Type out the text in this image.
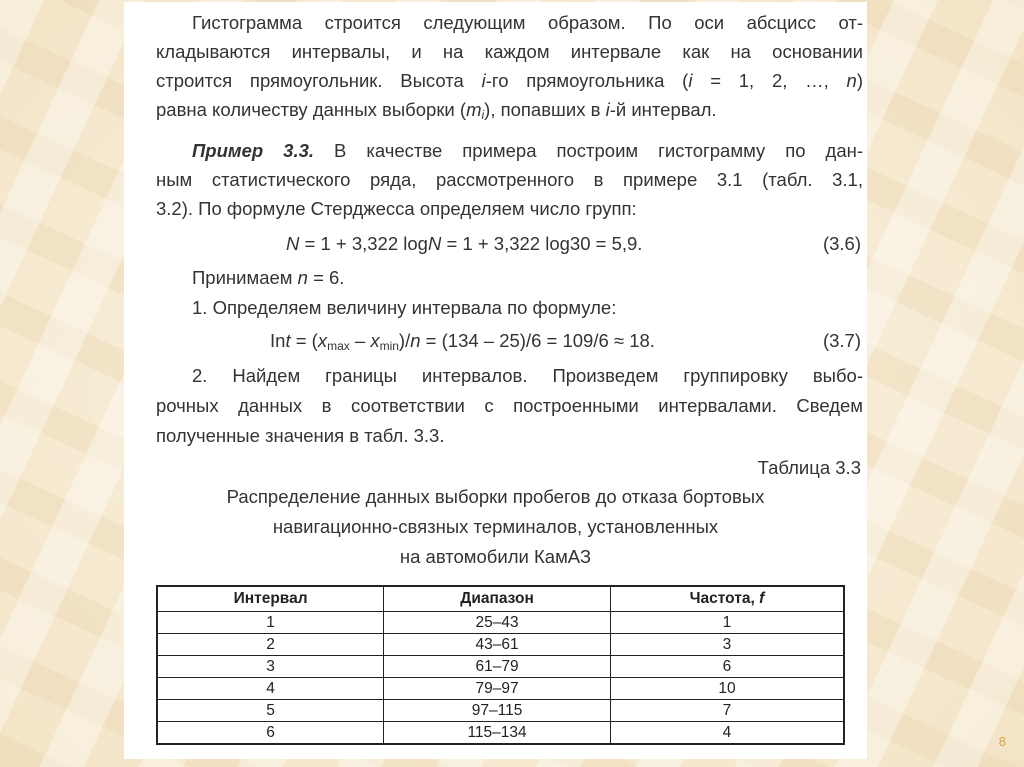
Гистограмма строится следующим образом. По оси абсцисс от-
кладываются интервалы, и на каждом интервале как на основании
строится прямоугольник. Высота i-го прямоугольника (i = 1, 2, …, n)
равна количеству данных выборки $(m_i)$, попавших в i-й интервал.
Пример 3.3. В качестве примера построим гистограмму по дан-
ным статистического ряда, рассмотренного в примере 3.1 (табл. 3.1,
3.2). По формуле Стерджесса определяем число групп:
N = 1 + 3,322 logN = 1 + 3,322 log30 = 5,9.	(3.6)
Принимаем n = 6.
1. Определяем величину интервала по формуле:
Int = $(x_{max} - x_{min})/n = (134 - 25)/6 = 109/6 \approx 18$.	(3.7)
2. Найдем границы интервалов. Произведем группировку выбо-
рочных данных в соответствии с построенными интервалами. Сведем
полученные значения в табл. 3.3.
Таблица 3.3
Распределение данных выборки пробегов до отказа бортовых
навигационно-связных терминалов, установленных
на автомобили КамАЗ
Интервал	Диапазон	Частота, f
1	25–43	1
2	43–61	3
3	61–79	6
4	79–97	10
5	97–115	7
6	115–134	4
8
